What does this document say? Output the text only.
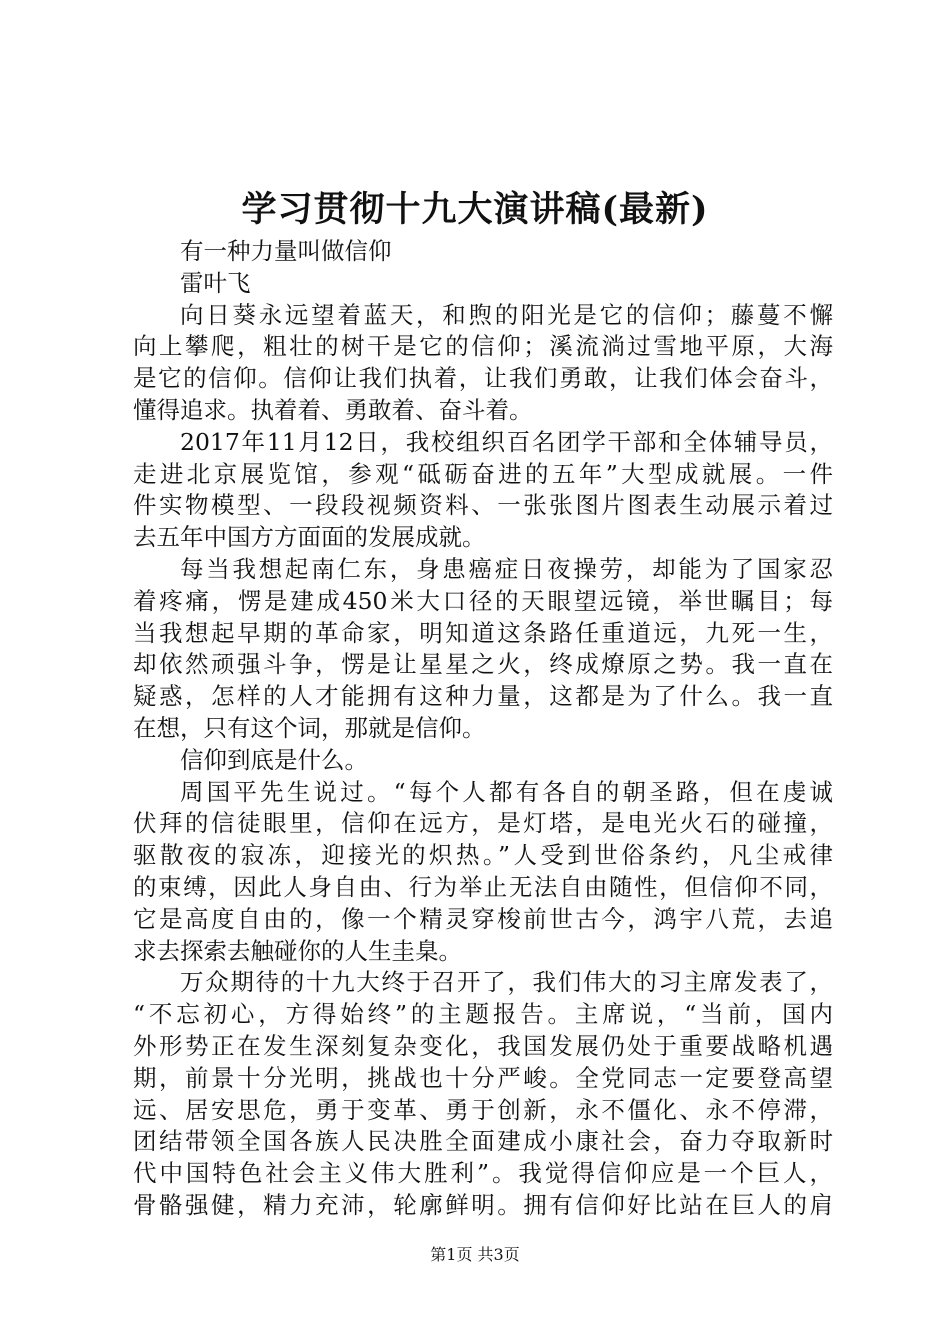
学习贯彻十九大演讲稿(最新)
有一种力量叫做信仰
雷叶飞
向日葵永远望着蓝天，和煦的阳光是它的信仰；藤蔓不懈
向上攀爬，粗壮的树干是它的信仰；溪流淌过雪地平原，大海
是它的信仰。信仰让我们执着，让我们勇敢，让我们体会奋斗，
懂得追求。执着着、勇敢着、奋斗着。
2017年11月12日，我校组织百名团学干部和全体辅导员，
走进北京展览馆，参观“砥砺奋进的五年”大型成就展。一件
件实物模型、一段段视频资料、一张张图片图表生动展示着过
去五年中国方方面面的发展成就。
每当我想起南仁东，身患癌症日夜操劳，却能为了国家忍
着疼痛，愣是建成450米大口径的天眼望远镜，举世瞩目；每
当我想起早期的革命家，明知道这条路任重道远，九死一生，
却依然顽强斗争，愣是让星星之火，终成燎原之势。我一直在
疑惑，怎样的人才能拥有这种力量，这都是为了什么。我一直
在想，只有这个词，那就是信仰。
信仰到底是什么。
周国平先生说过。“每个人都有各自的朝圣路，但在虔诚
伏拜的信徒眼里，信仰在远方，是灯塔，是电光火石的碰撞，
驱散夜的寂冻，迎接光的炽热。”人受到世俗条约，凡尘戒律
的束缚，因此人身自由、行为举止无法自由随性，但信仰不同，
它是高度自由的，像一个精灵穿梭前世古今，鸿宇八荒，去追
求去探索去触碰你的人生圭臬。
万众期待的十九大终于召开了，我们伟大的习主席发表了，
“不忘初心，方得始终”的主题报告。主席说，“当前，国内
外形势正在发生深刻复杂变化，我国发展仍处于重要战略机遇
期，前景十分光明，挑战也十分严峻。全党同志一定要登高望
远、居安思危，勇于变革、勇于创新，永不僵化、永不停滞，
团结带领全国各族人民决胜全面建成小康社会，奋力夺取新时
代中国特色社会主义伟大胜利”。我觉得信仰应是一个巨人，
骨骼强健，精力充沛，轮廓鲜明。拥有信仰好比站在巨人的肩
第1页 共3页
